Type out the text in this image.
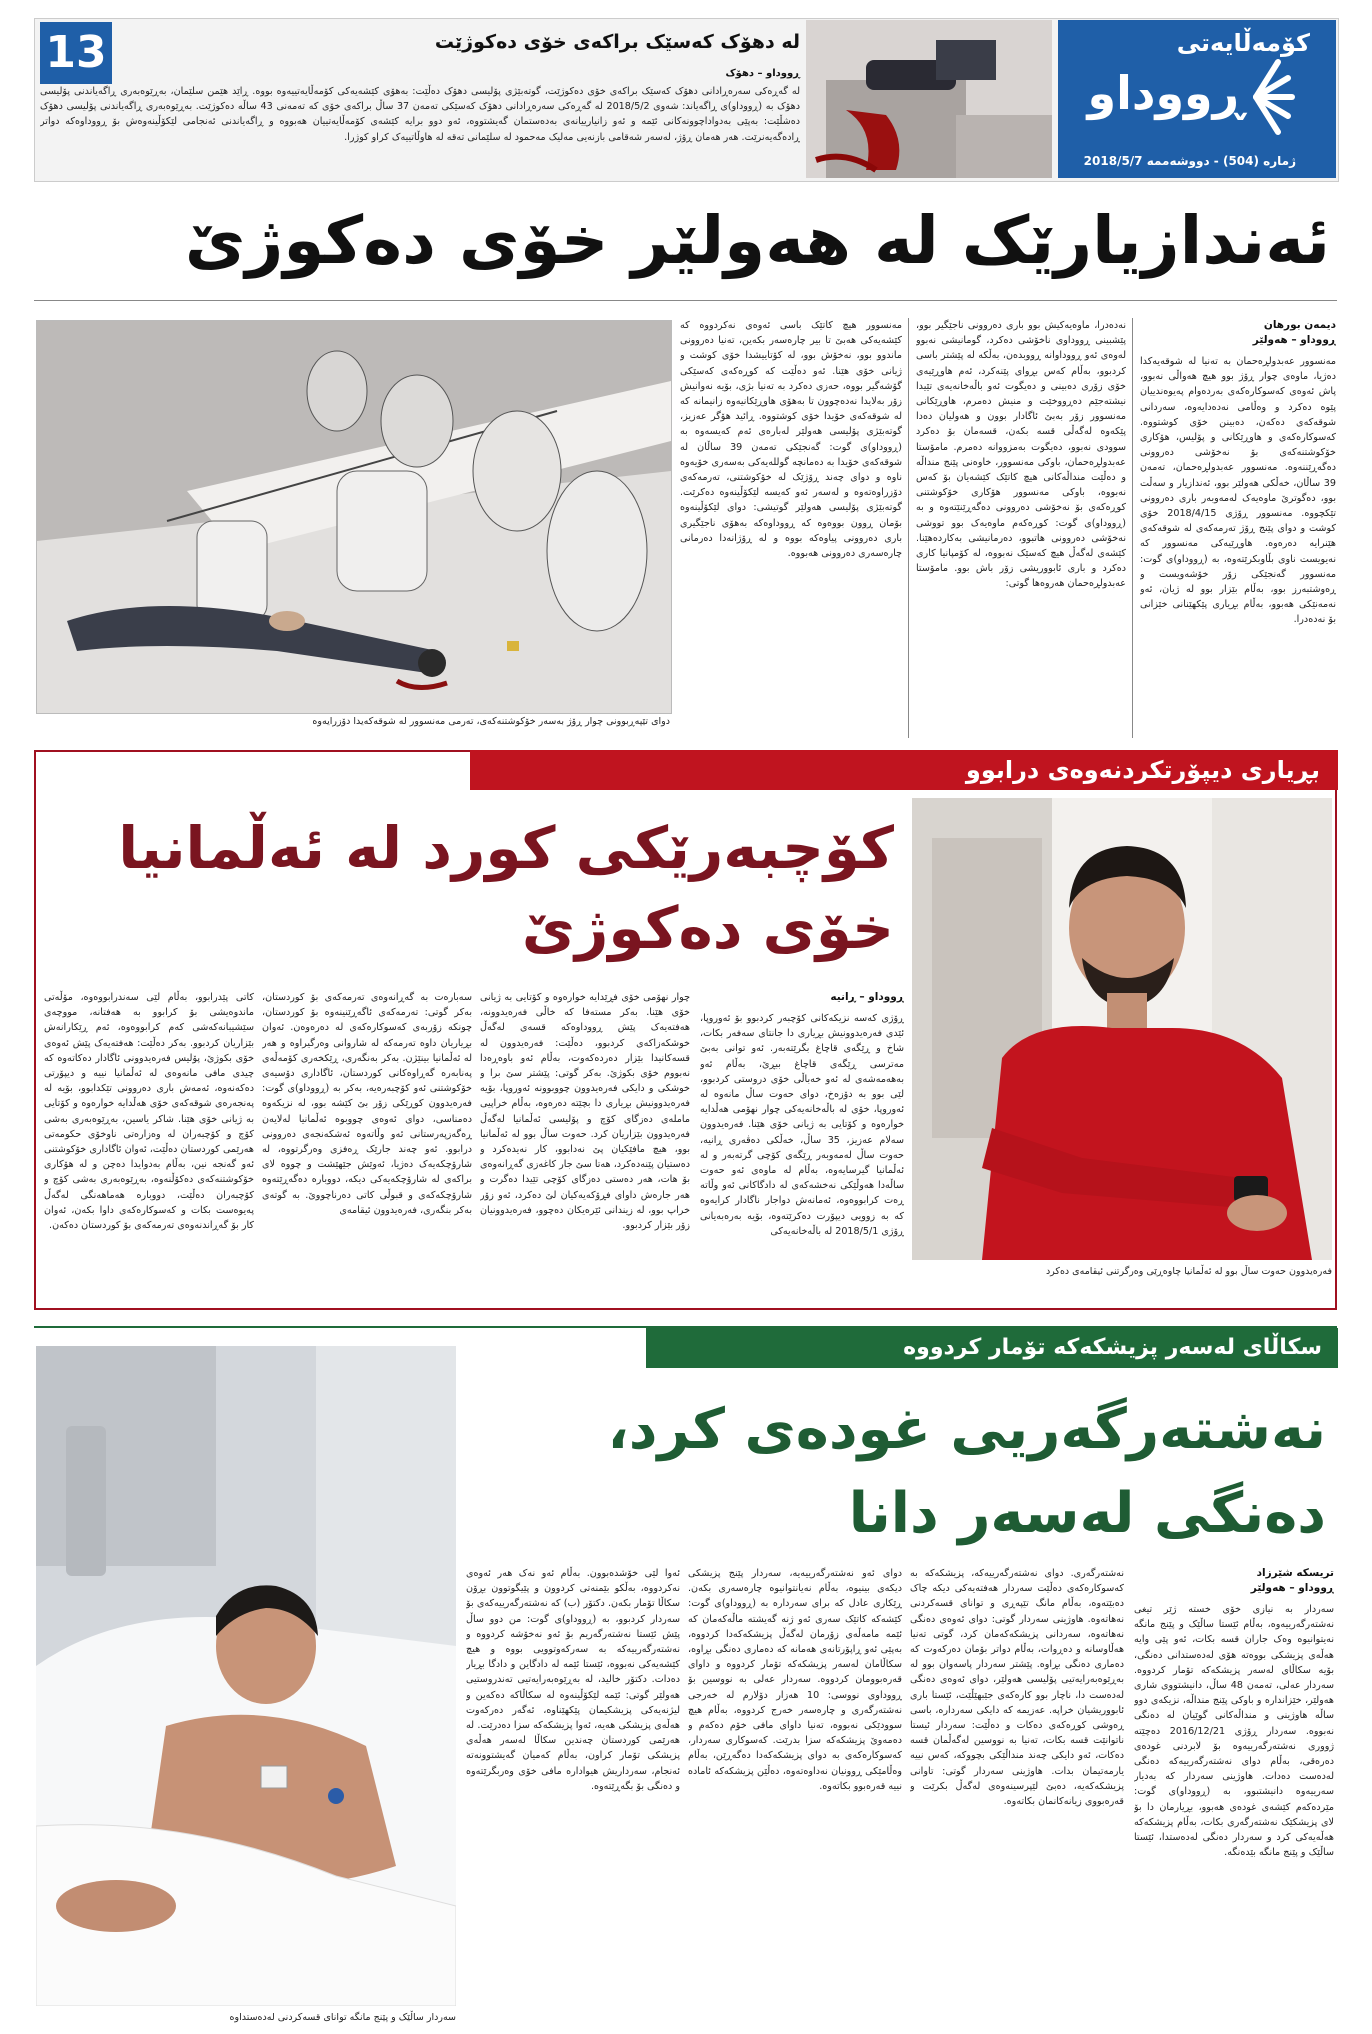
13	لە دهۆک کەسێک براکەی خۆی دەکوژێت
ڕووداو – دهۆک
لە گەڕەکی سەرەڕادانی دهۆک کەسێک براکەی خۆی دەکوژێت، گوتەبێژی پۆلیسی دهۆک دەڵێت: بەهۆی کێشەیەکی کۆمەڵایەتییەوە بووە. ڕاێد هێمن سلێمان، بەڕێوەبەری ڕاگەیاندنی پۆلیسی دهۆک بە (ڕووداو)ی ڕاگەیاند: شەوی 2018/5/2 لە گەڕەکی سەرەڕادانی دهۆک کەسێکی تەمەن 37 ساڵ براکەی خۆی کە تەمەنی 43 ساڵە دەکوژێت. بەڕێوەبەری ڕاگەیاندنی پۆلیسی دهۆک دەشڵێت: بەپێی بەدواداچوونەکانی ئێمە و ئەو زانیارییانەی بەدەستمان گەیشتووە، ئەو دوو برایە کێشەی کۆمەڵایەتییان هەبووە و ڕاگەیاندنی ئەنجامی لێکۆڵینەوەش بۆ ڕووداوەکە دواتر ڕادەگەیەنرێت. هەر هەمان ڕۆژ، لەسەر شەقامی بازنەیی مەلیک مەحمود لە سلێمانی تەقە لە هاوڵاتییەک کراو کوژرا.
کۆمەڵایەتی
ڕووداو
ژمارە (504) - دووشەممە 2018/5/7
ئەندازیارێک لە هەولێر خۆی دەکوژێ
دوای تێپەڕبوونی چوار ڕۆژ بەسەر خۆکوشتنەکەی، تەرمی مەنسوور لە شوقەکەیدا دۆزرایەوە

دیمەن بورهان

ڕووداو – هەولێر

مەنسوور عەبدولڕەحمان بە تەنیا لە شوقەیەکدا دەژیا، ماوەی چوار ڕۆژ بوو هیچ هەواڵی نەبوو، پاش ئەوەی کەسوکارەکەی بەردەوام پەیوەندییان پێوە دەکرد و وەڵامی نەدەدایەوە، سەردانی شوقەکەی دەکەن، دەبینن خۆی کوشتووە. کەسوکارەکەی و هاوڕێکانی و پۆلیس، هۆکاری خۆکوشتنەکەی بۆ نەخۆشی دەروونی دەگەڕێننەوە. مەنسوور عەبدولڕەحمان، تەمەن 39 ساڵان، خەڵکی هەولێر بوو، ئەندازیار و سەڵت بوو، دەگوترێ ماوەیەک لەمەوبەر باری دەروونی تێکچووە. مەنسوور ڕۆژی 2018/4/15 خۆی کوشت و دوای پێنج ڕۆژ تەرمەکەی لە شوقەکەی هێنرایە دەرەوە. هاوڕێیەکی مەنسوور کە نەیویست ناوی بڵاوبکرێتەوە، بە (ڕووداو)ی گوت: مەنسوور گەنجێکی زۆر خۆشەویست و ڕەوشتبەرز بوو، بەڵام بێزار بوو لە ژیان، ئەو نەمەنێکی هەبوو، بەڵام بڕیاری پێکهێنانی خێزانی بۆ نەدەدرا.

نەدەدرا، ماوەیەکیش بوو باری دەروونی ناجێگیر بوو، پێشبینی ڕووداوی ناخۆشی دەکرد، گومانیشی نەبوو لەوەی ئەو ڕووداوانە ڕووبدەن، بەڵکە لە پێشتر باسی کردبوو، بەڵام کەس بڕوای پێنەکرد، ئەم هاوڕێیەی خۆی زۆری دەبینی و دەیگوت ئەو باڵەخانەیەی تێیدا نیشتەجێم دەڕووخێت و منیش دەمرم، هاوڕێکانی مەنسوور زۆر بەبێ ئاگادار بوون و هەولیان دەدا پێکەوە لەگەڵی قسە بکەن، قسەمان بۆ دەکرد سوودی نەبوو، دەیگوت بەمزووانە دەمرم. مامۆستا عەبدولڕەحمان، باوکی مەنسوور، خاوەنی پێنج منداڵە و دەڵێت منداڵەکانی هیچ کاتێک کێشەیان بۆ کەس نەبووە، باوکی مەنسوور هۆکاری خۆکوشتنی کوڕەکەی بۆ نەخۆشی دەروونی دەگەڕێنێتەوە و بە (ڕووداو)ی گوت: کوڕەکەم ماوەیەک بوو تووشی نەخۆشی دەروونی هاتبوو، دەرمانیشی بەکاردەهێنا. کێشەی لەگەڵ هیچ کەسێک نەبووە، لە کۆمپانیا کاری دەکرد و باری ئابووریشی زۆر باش بوو. مامۆستا عەبدولڕەحمان هەروەها گوتی:

مەنسوور هیچ کاتێک باسی ئەوەی نەکردووە کە کێشەیەکی هەبێ تا بیر چارەسەر بکەین، تەنیا دەروونی ماندوو بوو، نەخۆش بوو، لە کۆتاییشدا خۆی کوشت و ژیانی خۆی هێنا. ئەو دەڵێت کە کوڕەکەی کەسێکی گۆشەگیر بووە، حەزی دەکرد بە تەنیا بژی، بۆیە نەوانیش زۆر بەلایدا نەدەچوون تا بەهۆی هاوڕێکانیەوە زانیمانە کە لە شوقەکەی خۆیدا خۆی کوشتووە. ڕائید هۆگر عەزیز، گوتەبێژی پۆلیسی هەولێر لەبارەی ئەم کەیسەوە بە (ڕووداو)ی گوت: گەنجێکی تەمەن 39 ساڵان لە شوقەکەی خۆیدا بە دەمانچە گوللەیەکی بەسەری خۆیەوە ناوە و دوای چەند ڕۆژێک لە خۆکوشتنی، تەرمەکەی دۆزراوەتەوە و لەسەر ئەو کەیسە لێکۆڵینەوە دەکرێت. گوتەبێژی پۆلیسی هەولێر گوتیشی: دوای لێکۆڵینەوە بۆمان ڕوون بووەوە کە ڕووداوەکە بەهۆی ناجێگیری باری دەروونی پیاوەکە بووە و لە ڕۆژانەدا دەرمانی چارەسەری دەروونی هەبووە.

بڕیاری دیپۆرتکردنەوەی درابوو
کۆچبەرێکی کورد لە ئەڵمانیا
خۆی دەکوژێ
فەرەیدوون حەوت ساڵ بوو لە ئەڵمانیا چاوەڕێی وەرگرتنی ئیقامەی دەکرد

ڕووداو – ڕانیە

ڕۆژی کەسە نزیکەکانی کۆچبەر کردبوو بۆ ئەوروپا، ئێدی فەرەیدوونیش بڕیاری دا جانتای سەفەر بکات، شاخ و ڕێگەی قاچاغ بگرێتەبەر. ئەو توانی بەبێ مەترسی ڕێگەی قاچاغ ببڕێ، بەڵام ئەو بەهەمەشەی لە ئەو خەباڵی خۆی دروستی کردبوو، لێی بوو بە دۆزەخ، دوای حەوت ساڵ مانەوە لە ئەوروپا، خۆی لە باڵەخانەیەکی چوار نهۆمی هەڵدایە خوارەوە و کۆتایی بە ژیانی خۆی هێنا. فەرەیدوون سەلام عەزیز، 35 ساڵ، خەڵکی دەڤەری ڕانیە، حەوت ساڵ لەمەوبەر ڕێگەی کۆچی گرتەبەر و لە ئەڵمانیا گیرسایەوە، بەڵام لە ماوەی ئەو حەوت ساڵەدا هەوڵێکی نەخشەکەی لە دادگاکانی ئەو وڵاتە ڕەت کرابووەوە، ئەمانەش دواجار ناگادار کرایەوە کە بە زوویی دیپۆرت دەکرێتەوە، بۆیە بەرەبەیانی ڕۆژی 2018/5/1 لە باڵەخانەیەکی

چوار نهۆمی خۆی فڕێدایە خوارەوە و کۆتایی بە ژیانی خۆی هێنا. بەکر مستەفا کە خاڵی فەرەیدوونە، هەفتەیەک پێش ڕووداوەکە قسەی لەگەڵ خوشکەزاکەی کردبوو، دەڵێت: فەرەیدوون لە قسەکانیدا بێزار دەردەکەوت، بەڵام ئەو باوەڕەدا نەبووم خۆی بکوژێ. بەکر گوتی: پێشتر سێ برا و خوشکی و دایکی فەرەیدوون چووبوونە ئەوروپا، بۆیە فەرەیدوونیش بڕیاری دا بچێتە دەرەوە، بەڵام خراپیی ماملەی دەزگای کۆچ و پۆلیسی ئەڵمانیا لەگەڵ فەرەیدوون بێزاریان کرد. حەوت ساڵ بوو لە ئەڵمانیا بوو، هیچ مافێکیان پێ نەدابوو، کار نەیدەکرد و دەستیان پێنەدەکرد، هەتا سێ جار کاغەزی گەڕانەوەی بۆ هات، هەر دەستی دەزگای کۆچی تێیدا دەگرت و هەر جارەش داوای فڕۆکەیەکیان لێ دەکرد، ئەو زۆر خراپ بوو، لە زیندانی ئێرەیکان دەچوو، فەرەیدوونیان زۆر بێزار کردبوو.

سەبارەت بە گەڕانەوەی تەرمەکەی بۆ کوردستان، بەکر گوتی: تەرمەکەی ئاگەڕێنینەوە بۆ کوردستان، چونکە زۆربەی کەسوکارەکەی لە دەرەوەن. ئەوان بڕیاریان داوە تەرمەکە لە شاروانی وەرگیراوە و هەر لە ئەڵمانیا بینێژن. بەکر بەنگەری، ڕێکخەری کۆمەڵەی پەنابەرە گەڕاوەکانی کوردستان، ئاگاداری دۆسیەی خۆکوشتنی ئەو کۆچبەرەیە، بەکر بە (ڕووداو)ی گوت: فەرەیدوون کوڕێکی زۆر بێ کێشە بوو، لە نزیکەوە دەمناسی، دوای ئەوەی چووبوە ئەڵمانیا لەلایەن ڕەگەزپەرستانی ئەو وڵاتەوە ئەشکەنجەی دەروونی درابوو. ئەو چەند جارێک ڕەفزی وەرگرتووە، لە شارۆچکەیەک دەژیا، ئەوێش جێهێشت و چووە لای براکەی لە شارۆچکەیەکی دیکە، دووبارە دەگەڕێتەوە شارۆچکەکەی و قبوڵی کاتی دەرناچووێ. بە گوتەی بەکر بنگەری، فەرەیدوون ئیقامەی

کاتی پێدرابوو، بەڵام لێی سەندرابووەوە، مۆڵەتی ماندوەیشی بۆ کرابوو بە هەفتانە، مووچەی سێشیبانەکەشی کەم کرابووەوە، ئەم ڕێکارانەش بێزاریان کردبوو. بەکر دەڵێت: هەفتەیەک پێش ئەوەی خۆی بکوژێ، پۆلیس فەرەیدوونی ئاگادار دەکاتەوە کە چیدی مافی مانەوەی لە ئەڵمانیا نییە و دیپۆرتی دەکەنەوە، ئەمەش باری دەروونی تێکدابوو، بۆیە لە پەنجەرەی شوقەکەی خۆی هەڵدایە خوارەوە و کۆتایی بە ژیانی خۆی هێنا. شاکر یاسین، بەڕێوەبەری بەشی کۆچ و کۆچبەران لە وەزارەتی ناوخۆی حکومەتی هەرێمی کوردستان دەڵێت، ئەوان ئاگاداری خۆکوشتنی ئەو گەنجە نین، بەڵام بەدوایدا دەچن و لە هۆکاری خۆکوشتنەکەی دەکۆڵنەوە، بەڕێوەبەری بەشی کۆچ و کۆچبەران دەڵێت، دووبارە هەماهەنگی لەگەڵ پەیوەست بکات و کەسوکارەکەی داوا بکەن، ئەوان کار بۆ گەڕاندنەوەی تەرمەکەی بۆ کوردستان دەکەن.

سکاڵای لەسەر پزیشکەکە تۆمار کردووە
نەشتەرگەریی غودەی کرد،
دەنگی لەسەر دانا
سەردار ساڵێک و پێنج مانگە توانای قسەکردنی لەدەستداوە

تریسکە شێرزاد

ڕووداو – هەولێر

سەردار بە نیازی خۆی خستە ژێر تیغی نەشتەرگەرییەوە، بەڵام ئێستا ساڵێک و پێنج مانگە نەیتوانیوە وەک جاران قسە بکات، ئەو پێی وایە هەڵەی پزیشکی بووەتە هۆی لەدەستدانی دەنگی، بۆیە سکاڵای لەسەر پزیشکەکە تۆمار کردووە. سەردار عەلی، تەمەن 48 ساڵ، دانیشتووی شاری هەولێر، خێزاندارە و باوکی پێنج منداڵە، نزیکەی دوو ساڵە هاوژینی و منداڵەکانی گوێیان لە دەنگی نەبووە. سەردار ڕۆژی 2016/12/21 دەچێتە ژووری نەشتەرگەرییەوە بۆ لابردنی غودەی دەرەقی، بەڵام دوای نەشتەرگەرییەکە دەنگی لەدەست دەدات. هاوژینی سەردار کە بەدیار سەرییەوە دانیشتبوو، بە (ڕووداو)ی گوت: مێردەکەم کێشەی غودەی هەبوو، بڕیارمان دا بۆ لای پزیشکێک نەشتەرگەری بکات، بەڵام پزیشکەکە هەڵەیەکی کرد و سەردار دەنگی لەدەستدا، ئێستا ساڵێک و پێنج مانگە بێدەنگە.

نەشتەرگەری. دوای نەشتەرگەرییەکە، پزیشکەکە بە کەسوکارەکەی دەڵێت سەردار هەفتەیەکی دیکە چاک دەبێتەوە، بەڵام مانگ تێپەڕی و توانای قسەکردنی نەهاتەوە. هاوژینی سەردار گوتی: دوای ئەوەی دەنگی نەهاتەوە، سەردانی پزیشکەکەمان کرد، گوتی تەنیا هەڵاوسانە و دەڕوات، بەڵام دواتر بۆمان دەرکەوت کە دەماری دەنگی بڕاوە. پێشتر سەردار پاسەوان بوو لە بەڕێوەبەرایەتیی پۆلیسی هەولێر، دوای ئەوەی دەنگی لەدەست دا، ناچار بوو کارەکەی جێبهێڵێت، ئێستا باری ئابووریشیان خراپە. عەزیمە کە دایکی سەردارە، باسی ڕەوشی کوڕەکەی دەکات و دەڵێت: سەردار ئیستا ناتوانێت قسە بکات، تەنیا بە نووسین لەگەڵمان قسە دەکات، ئەو دایکی چەند منداڵێکی بچووکە، کەس نییە یارمەتیمان بدات. هاوژینی سەردار گوتی: تاوانی پزیشکەکەیە، دەبێ لێپرسینەوەی لەگەڵ بکرێت و قەرەبووی زیانەکانمان بکاتەوە.

دوای ئەو نەشتەرگەرییەیە، سەردار پێنج پزیشکی دیکەی بینیوە، بەڵام نەیانتوانیوە چارەسەری بکەن. ڕێکاری عادل کە برای سەردارە بە (ڕووداو)ی گوت: کێشەکە کاتێک سەری ئەو ژنە گەیشتە ماڵەکەمان کە ئێمە مامەڵەی زۆرمان لەگەڵ پزیشکەکەدا کردووە، بەپێی ئەو ڕاپۆرتانەی هەمانە کە دەماری دەنگی بڕاوە، سکاڵامان لەسەر پزیشکەکە تۆمار کردووە و داوای قەرەبوومان کردووە. سەردار عەلی بە نووسین بۆ ڕووداوی نووسی: 10 هەزار دۆلارم لە خەرجی نەشتەرگەری و چارەسەر خەرج کردووە، بەڵام هیچ سوودێکی نەبووە، تەنیا داوای مافی خۆم دەکەم و دەمەوێ پزیشکەکە سزا بدرێت. کەسوکاری سەردار، کەسوکارەکەی بە دوای پزیشکەکەدا دەگەڕێن، بەڵام وەڵامێکی ڕوونیان نەداوەتەوە، دەڵێن پزیشکەکە ئامادە نییە قەرەبوو بکاتەوە.

ئەوا لێی خۆشدەبوون. بەڵام ئەو نەک هەر ئەوەی نەکردووە، بەڵکو بێمنەتی کردوون و پێیگوتوون بڕۆن سکاڵا تۆمار بکەن. دکتۆر (ب) کە نەشتەرگەرییەکەی بۆ سەردار کردبوو، بە (ڕووداو)ی گوت: من دوو ساڵ پێش ئێستا نەشتەرگەریم بۆ ئەو نەخۆشە کردووە و نەشتەرگەرییەکە بە سەرکەوتوویی بووە و هیچ کێشەیەکی نەبووە، ئێستا ئێمە لە دادگاین و دادگا بڕیار دەدات. دکتۆر خالید، لە بەڕێوەبەرایەتیی تەندروستیی هەولێر گوتی: ئێمە لێکۆڵینەوە لە سکاڵاکە دەکەین و لیژنەیەکی پزیشکیمان پێکهێناوە، ئەگەر دەرکەوت هەڵەی پزیشکی هەیە، ئەوا پزیشکەکە سزا دەدرێت. لە هەرێمی کوردستان چەندین سکاڵا لەسەر هەڵەی پزیشکی تۆمار کراون، بەڵام کەمیان گەیشتوونەتە ئەنجام، سەرداریش هیوادارە مافی خۆی وەربگرێتەوە و دەنگی بۆ بگەڕێتەوە.
